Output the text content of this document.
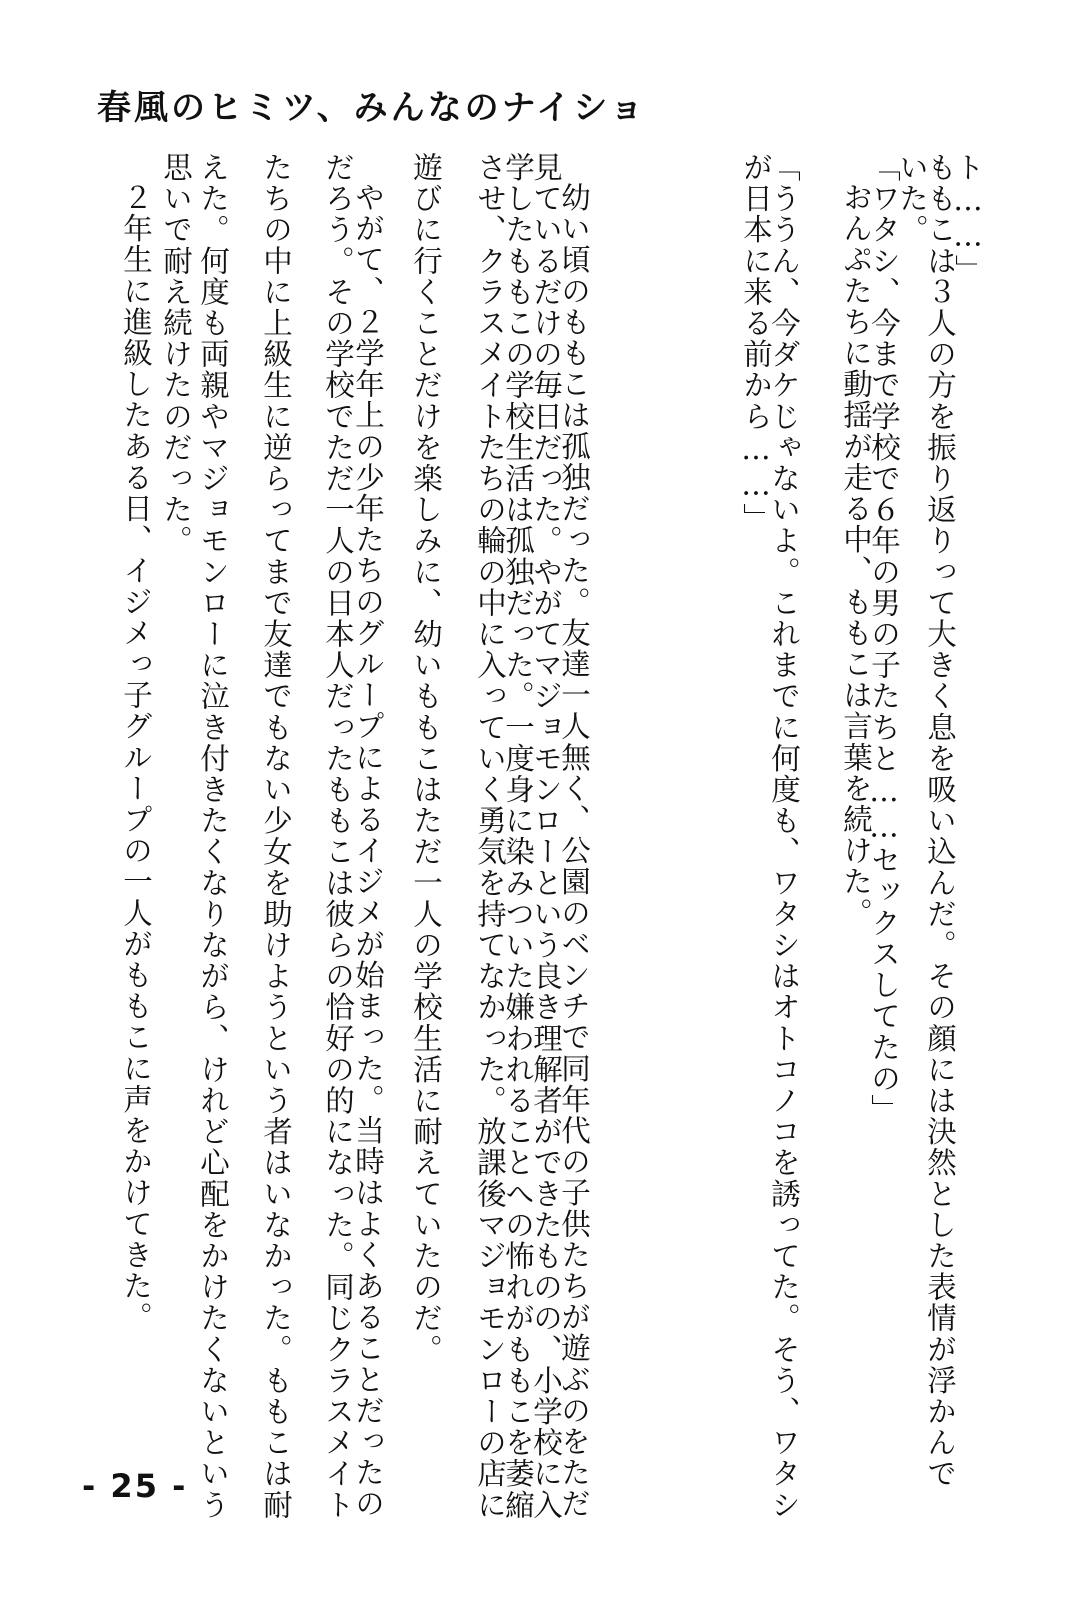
春風のヒミツ、みんなのナイショ
ト……」
ももこは３人の方を振り返りって大きく息を吸い込んだ。その顔には決然とした表情が浮かんで
いた。
「ワタシ、今まで学校で６年の男の子たちと……セックスしてたの」
おんぷたちに動揺が走る中、ももこは言葉を続けた。
「ううん、今ダケじゃないよ。これまでに何度も、ワタシはオトコノコを誘ってた。そう、ワタシ
が日本に来る前から……」
幼い頃のももこは孤独だった。友達一人無く、公園のベンチで同年代の子供たちが遊ぶのをただ
見ているだけの毎日だった。やがてマジョモンローという良き理解者ができたものの、小学校に入
学したももこの学校生活は孤独だった。一度身に染みついた嫌われることへの怖れがももこを萎縮
させ、クラスメイトたちの輪の中に入っていく勇気を持てなかった。放課後マジョモンローの店に
遊びに行くことだけを楽しみに、幼いももこはただ一人の学校生活に耐えていたのだ。
やがて、２学年上の少年たちのグループによるイジメが始まった。当時はよくあることだったの
だろう。その学校でただ一人の日本人だったももこは彼らの恰好の的になった。同じクラスメイト
たちの中に上級生に逆らってまで友達でもない少女を助けようという者はいなかった。ももこは耐
えた。何度も両親やマジョモンローに泣き付きたくなりながら、けれど心配をかけたくないという
思いで耐え続けたのだった。
２年生に進級したある日、イジメっ子グループの一人がももこに声をかけてきた。
- 25 -
